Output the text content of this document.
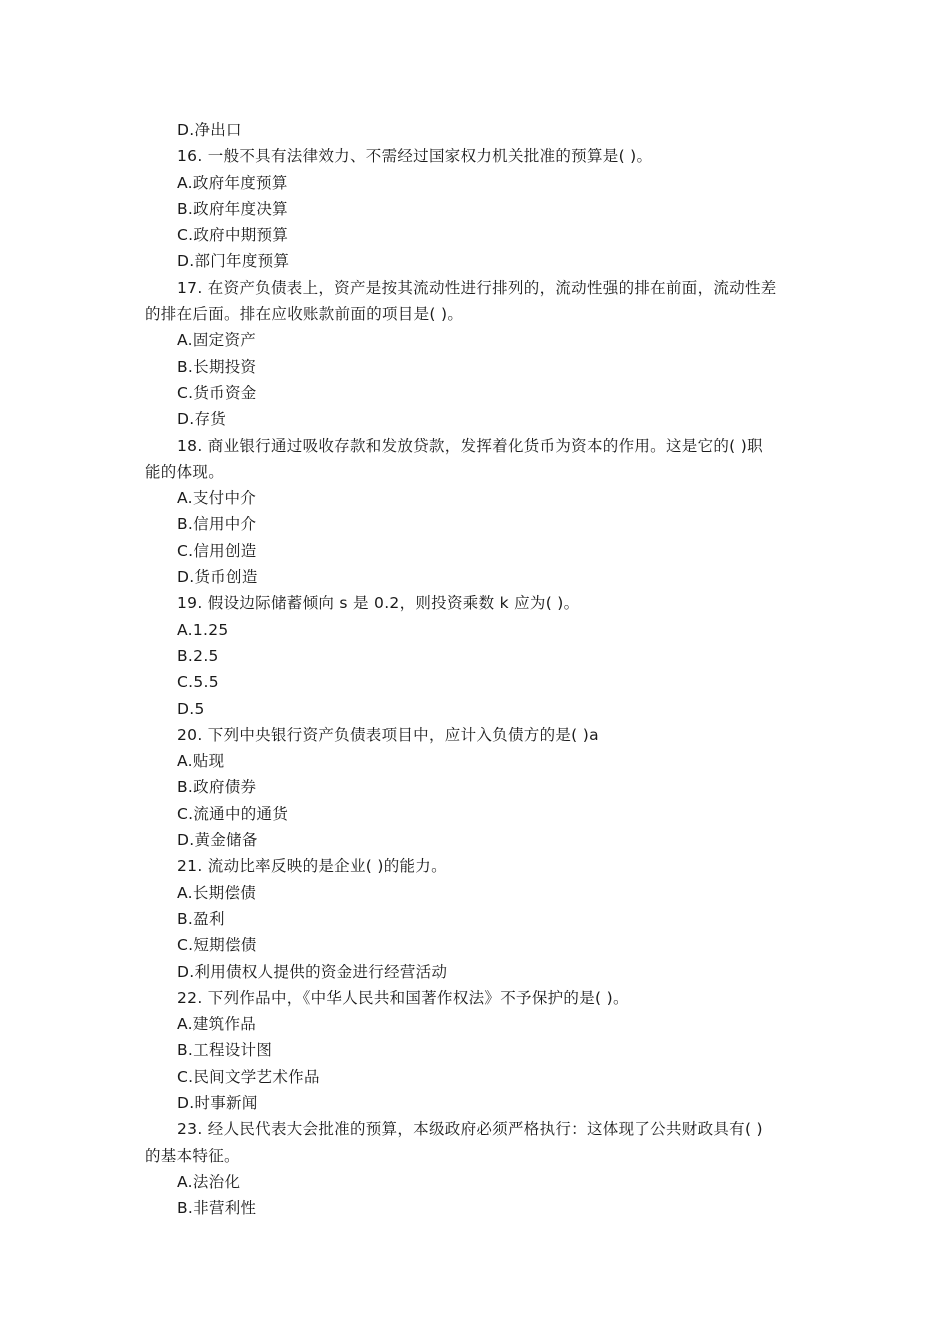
D.净出口
16. 一般不具有法律效力、不需经过国家权力机关批准的预算是( )。
A.政府年度预算
B.政府年度决算
C.政府中期预算
D.部门年度预算
17. 在资产负债表上，资产是按其流动性进行排列的，流动性强的排在前面，流动性差
的排在后面。排在应收账款前面的项目是( )。
A.固定资产
B.长期投资
C.货币资金
D.存货
18. 商业银行通过吸收存款和发放贷款，发挥着化货币为资本的作用。这是它的( )职
能的体现。
A.支付中介
B.信用中介
C.信用创造
D.货币创造
19. 假设边际储蓄倾向 s 是 0.2，则投资乘数 k 应为( )。
A.1.25
B.2.5
C.5.5
D.5
20. 下列中央银行资产负债表项目中，应计入负债方的是( )a
A.贴现
B.政府债券
C.流通中的通货
D.黄金储备
21. 流动比率反映的是企业( )的能力。
A.长期偿债
B.盈利
C.短期偿债
D.利用债权人提供的资金进行经营活动
22. 下列作品中，《中华人民共和国著作权法》不予保护的是( )。
A.建筑作品
B.工程设计图
C.民间文学艺术作品
D.时事新闻
23. 经人民代表大会批准的预算，本级政府必须严格执行：这体现了公共财政具有( )
的基本特征。
A.法治化
B.非营利性
